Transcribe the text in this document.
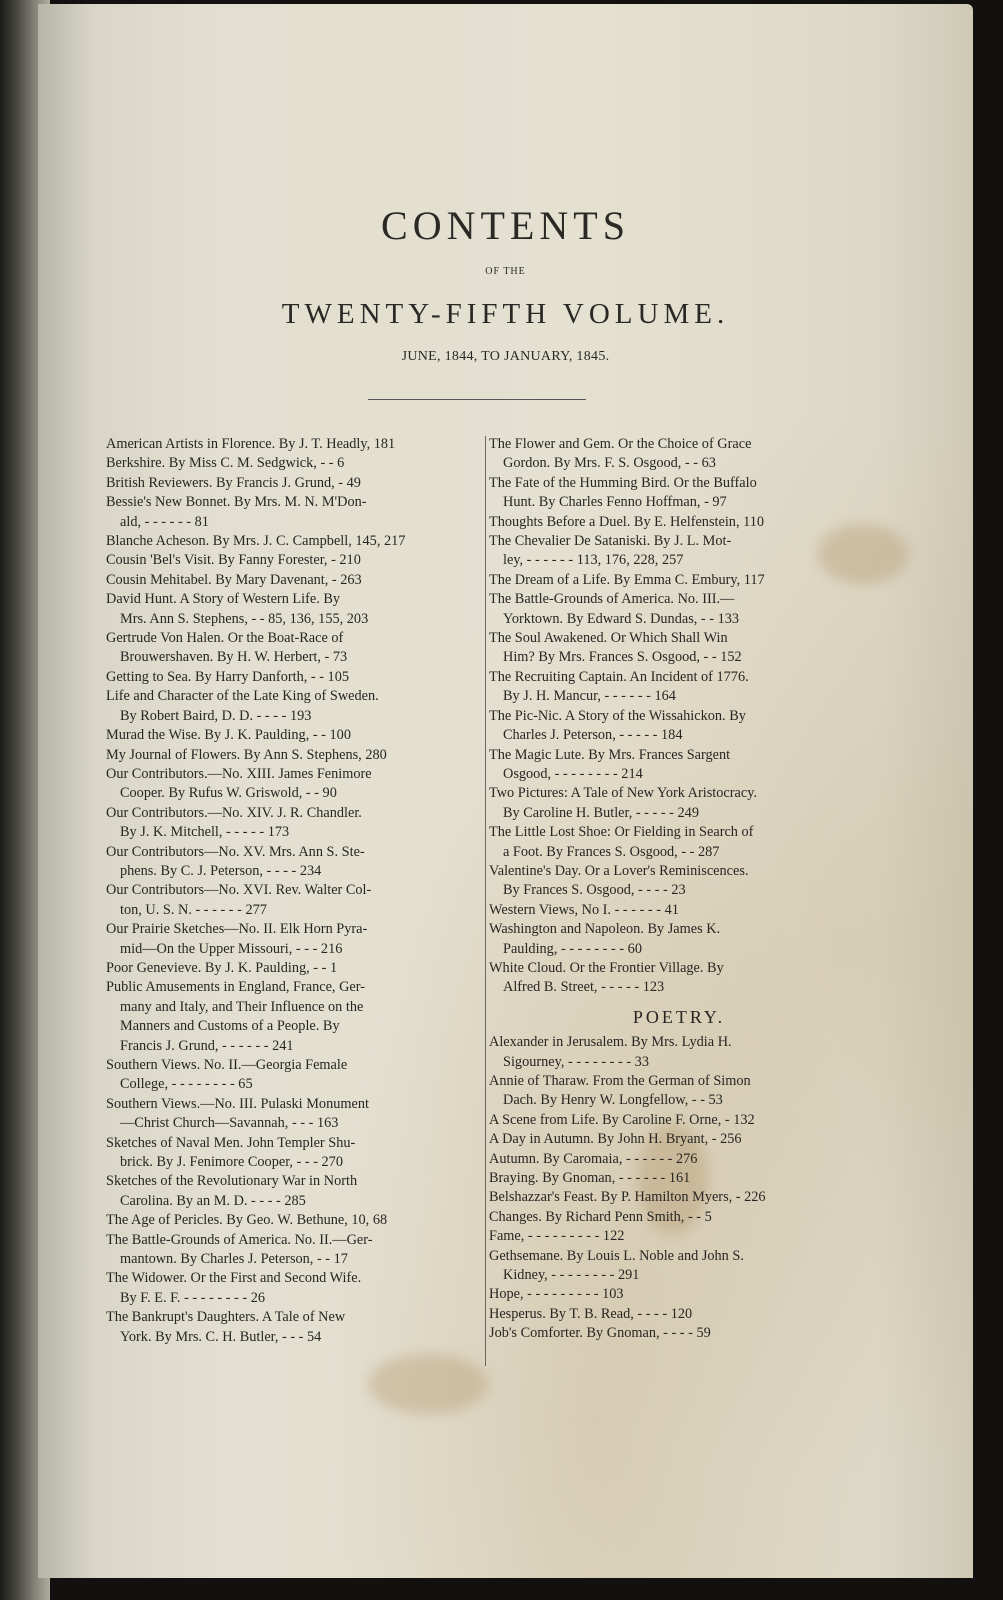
CONTENTS
OF THE
TWENTY-FIFTH VOLUME.
JUNE, 1844, TO JANUARY, 1845.
American Artists in Florence. By J. T. Headly, 181
Berkshire. By Miss C. M. Sedgwick, - - 6
British Reviewers. By Francis J. Grund, - 49
Bessie's New Bonnet. By Mrs. M. N. M'Don-
ald, - - - - - - 81
Blanche Acheson. By Mrs. J. C. Campbell, 145, 217
Cousin 'Bel's Visit. By Fanny Forester, - 210
Cousin Mehitabel. By Mary Davenant, - 263
David Hunt. A Story of Western Life. By
Mrs. Ann S. Stephens, - - 85, 136, 155, 203
Gertrude Von Halen. Or the Boat-Race of
Brouwershaven. By H. W. Herbert, - 73
Getting to Sea. By Harry Danforth, - - 105
Life and Character of the Late King of Sweden.
By Robert Baird, D. D. - - - - 193
Murad the Wise. By J. K. Paulding, - - 100
My Journal of Flowers. By Ann S. Stephens, 280
Our Contributors.—No. XIII. James Fenimore
Cooper. By Rufus W. Griswold, - - 90
Our Contributors.—No. XIV. J. R. Chandler.
By J. K. Mitchell, - - - - - 173
Our Contributors—No. XV. Mrs. Ann S. Ste-
phens. By C. J. Peterson, - - - - 234
Our Contributors—No. XVI. Rev. Walter Col-
ton, U. S. N. - - - - - - 277
Our Prairie Sketches—No. II. Elk Horn Pyra-
mid—On the Upper Missouri, - - - 216
Poor Genevieve. By J. K. Paulding, - - 1
Public Amusements in England, France, Ger-
many and Italy, and Their Influence on the
Manners and Customs of a People. By
Francis J. Grund, - - - - - - 241
Southern Views. No. II.—Georgia Female
College, - - - - - - - - 65
Southern Views.—No. III. Pulaski Monument
—Christ Church—Savannah, - - - 163
Sketches of Naval Men. John Templer Shu-
brick. By J. Fenimore Cooper, - - - 270
Sketches of the Revolutionary War in North
Carolina. By an M. D. - - - - 285
The Age of Pericles. By Geo. W. Bethune, 10, 68
The Battle-Grounds of America. No. II.—Ger-
mantown. By Charles J. Peterson, - - 17
The Widower. Or the First and Second Wife.
By F. E. F. - - - - - - - - 26
The Bankrupt's Daughters. A Tale of New
York. By Mrs. C. H. Butler, - - - 54
The Flower and Gem. Or the Choice of Grace
Gordon. By Mrs. F. S. Osgood, - - 63
The Fate of the Humming Bird. Or the Buffalo
Hunt. By Charles Fenno Hoffman, - 97
Thoughts Before a Duel. By E. Helfenstein, 110
The Chevalier De Sataniski. By J. L. Mot-
ley, - - - - - - 113, 176, 228, 257
The Dream of a Life. By Emma C. Embury, 117
The Battle-Grounds of America. No. III.—
Yorktown. By Edward S. Dundas, - - 133
The Soul Awakened. Or Which Shall Win
Him? By Mrs. Frances S. Osgood, - - 152
The Recruiting Captain. An Incident of 1776.
By J. H. Mancur, - - - - - - 164
The Pic-Nic. A Story of the Wissahickon. By
Charles J. Peterson, - - - - - 184
The Magic Lute. By Mrs. Frances Sargent
Osgood, - - - - - - - - 214
Two Pictures: A Tale of New York Aristocracy.
By Caroline H. Butler, - - - - - 249
The Little Lost Shoe: Or Fielding in Search of
a Foot. By Frances S. Osgood, - - 287
Valentine's Day. Or a Lover's Reminiscences.
By Frances S. Osgood, - - - - 23
Western Views, No I. - - - - - - 41
Washington and Napoleon. By James K.
Paulding, - - - - - - - - 60
White Cloud. Or the Frontier Village. By
Alfred B. Street, - - - - - 123
POETRY.
Alexander in Jerusalem. By Mrs. Lydia H.
Sigourney, - - - - - - - - 33
Annie of Tharaw. From the German of Simon
Dach. By Henry W. Longfellow, - - 53
A Scene from Life. By Caroline F. Orne, - 132
A Day in Autumn. By John H. Bryant, - 256
Autumn. By Caromaia, - - - - - - 276
Braying. By Gnoman, - - - - - - 161
Belshazzar's Feast. By P. Hamilton Myers, - 226
Changes. By Richard Penn Smith, - - 5
Fame, - - - - - - - - - 122
Gethsemane. By Louis L. Noble and John S.
Kidney, - - - - - - - - 291
Hope, - - - - - - - - - 103
Hesperus. By T. B. Read, - - - - 120
Job's Comforter. By Gnoman, - - - - 59
